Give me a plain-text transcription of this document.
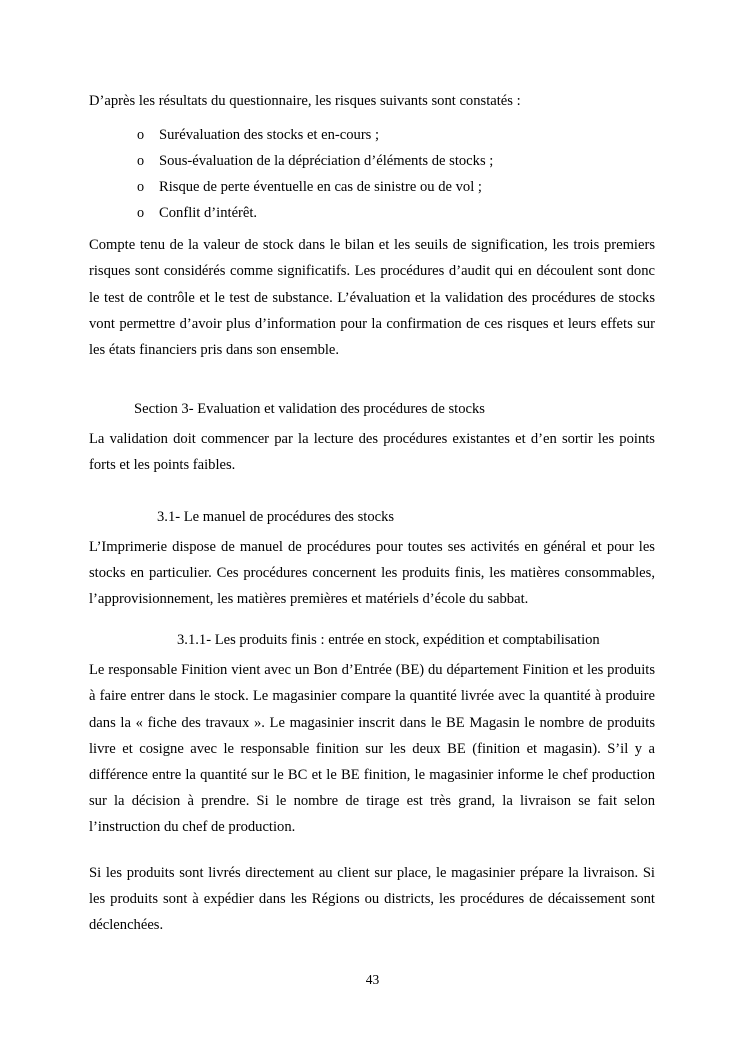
D’après les résultats du questionnaire, les risques suivants sont constatés :

o Surévaluation des stocks et en-cours ;
o Sous-évaluation de la dépréciation d’éléments de stocks ;
o Risque de perte éventuelle en cas de sinistre ou de vol ;
o Conflit d’intérêt.

Compte tenu de la valeur de stock dans le bilan et les seuils de signification, les trois premiers risques sont considérés comme significatifs. Les procédures d’audit qui en découlent sont donc le test de contrôle et le test de substance. L’évaluation et la validation des procédures de stocks vont permettre d’avoir plus d’information pour la confirmation de ces risques et leurs effets sur les états financiers pris dans son ensemble.

Section 3- Evaluation et validation des procédures de stocks

La validation doit commencer par la lecture des procédures existantes et d’en sortir les points forts et les points faibles.

3.1- Le manuel de procédures des stocks

L’Imprimerie dispose de manuel de procédures pour toutes ses activités en général et pour les stocks en particulier. Ces procédures concernent les produits finis, les matières consommables, l’approvisionnement, les matières premières et matériels d’école du sabbat.

3.1.1- Les produits finis : entrée en stock, expédition et comptabilisation

Le responsable Finition vient avec un Bon d’Entrée (BE) du département Finition et les produits à faire entrer dans le stock. Le magasinier compare la quantité livrée avec la quantité à produire dans la « fiche des travaux ». Le magasinier inscrit dans le BE Magasin le nombre de produits livre et cosigne avec le responsable finition sur les deux BE (finition et magasin). S’il y a différence entre la quantité sur le BC et le BE finition, le magasinier informe le chef production sur la décision à prendre. Si le nombre de tirage est très grand, la livraison se fait selon l’instruction du chef de production.

Si les produits sont livrés directement au client sur place, le magasinier prépare la livraison. Si les produits sont à expédier dans les Régions ou districts, les procédures de décaissement sont déclenchées.

43
